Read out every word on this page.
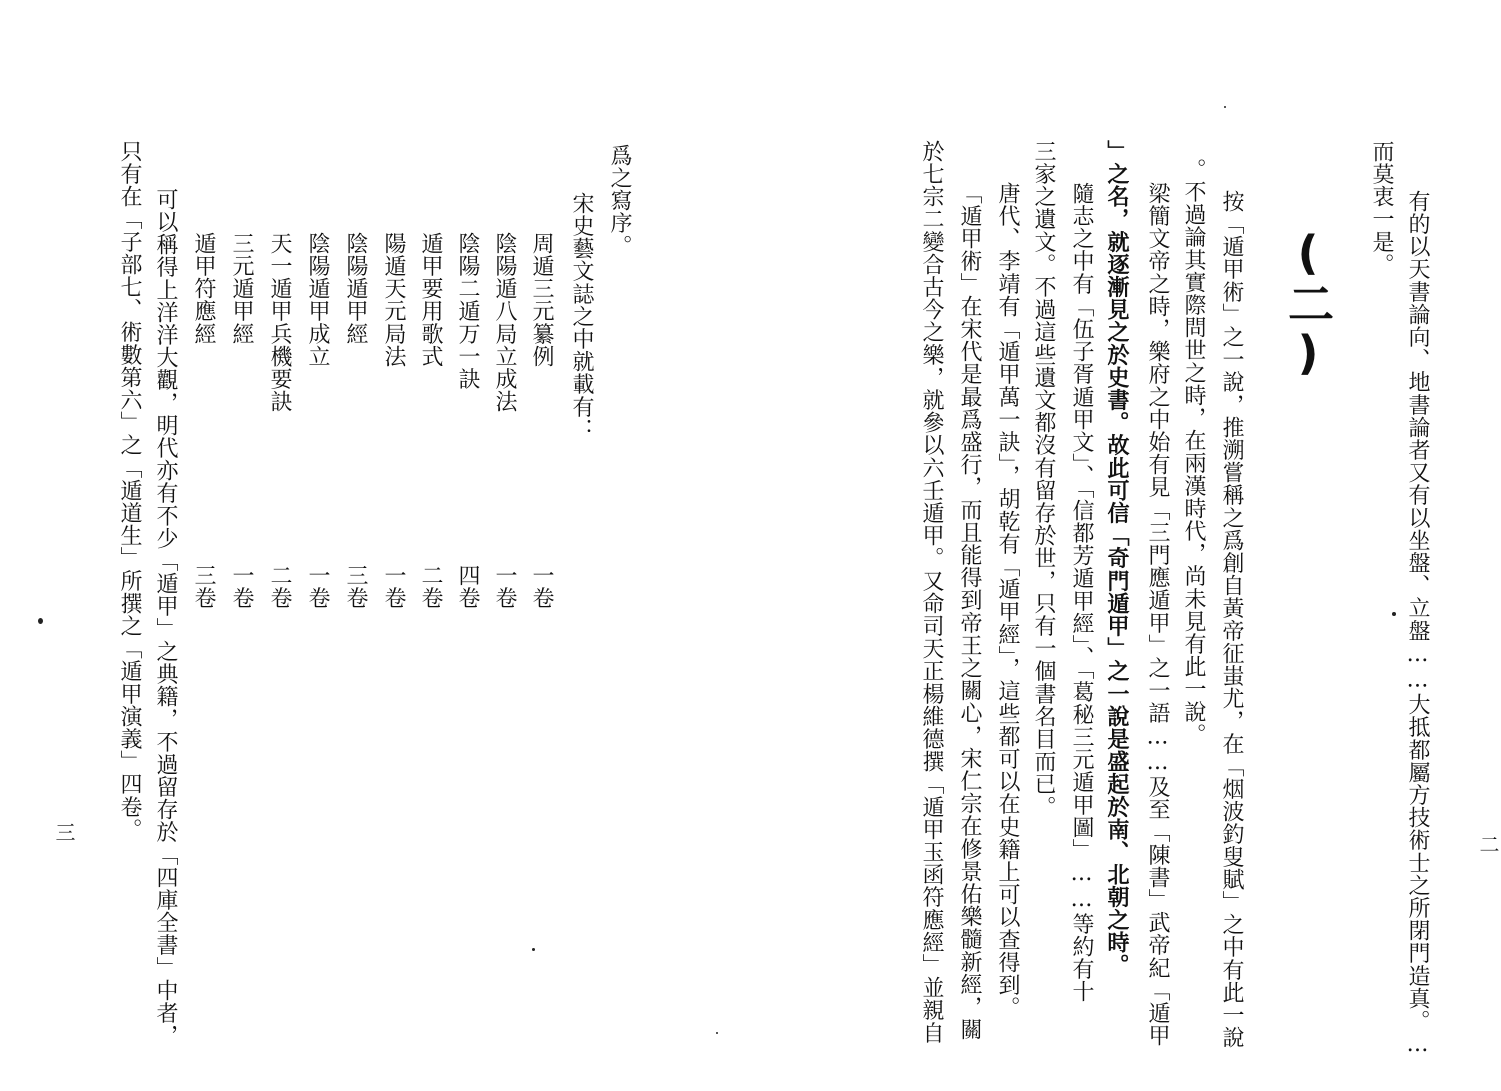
爲之寫序。
宋史藝文誌之中就載有：
周遁三元纂例
一卷
陰陽遁八局立成法
一卷
陰陽二遁万一訣
四卷
遁甲要用歌式
二卷
陽遁天元局法
一卷
陰陽遁甲經
三卷
陰陽遁甲成立
一卷
天一遁甲兵機要訣
二卷
三元遁甲經
一卷
遁甲符應經
三卷
可以稱得上洋洋大觀，明代亦有不少「遁甲」之典籍，不過留存於「四庫全書」中者，
只有在「子部七、術數第六」之「遁道生」所撰之「遁甲演義」四卷。
三	有的以天書論向、地書論者又有以坐盤、立盤……大抵都屬方技術士之所閉門造真。…
而莫衷一是。
(二)
按「遁甲術」之一說，推溯嘗稱之爲創自黃帝征蚩尤，在「烟波釣叟賦」之中有此一說
。不過論其實際問世之時，在兩漢時代，尚未見有此一說。
梁簡文帝之時，樂府之中始有見「三門應遁甲」之一語……及至「陳書」武帝紀「遁甲
」之名，就逐漸見之於史書。故此可信「奇門遁甲」之一說是盛起於南、北朝之時。
隨志之中有「伍子胥遁甲文」、「信都芳遁甲經」、「葛秘三元遁甲圖」……等約有十
三家之遺文。不過這些遺文都沒有留存於世，只有一個書名目而已。
唐代、李靖有「遁甲萬一訣」，胡乾有「遁甲經」，這些都可以在史籍上可以查得到。
「遁甲術」在宋代是最爲盛行，而且能得到帝王之關心，宋仁宗在修景佑樂髓新經，關
於七宗二變合古今之樂，就參以六壬遁甲。又命司天正楊維德撰「遁甲玉函符應經」並親自	二
